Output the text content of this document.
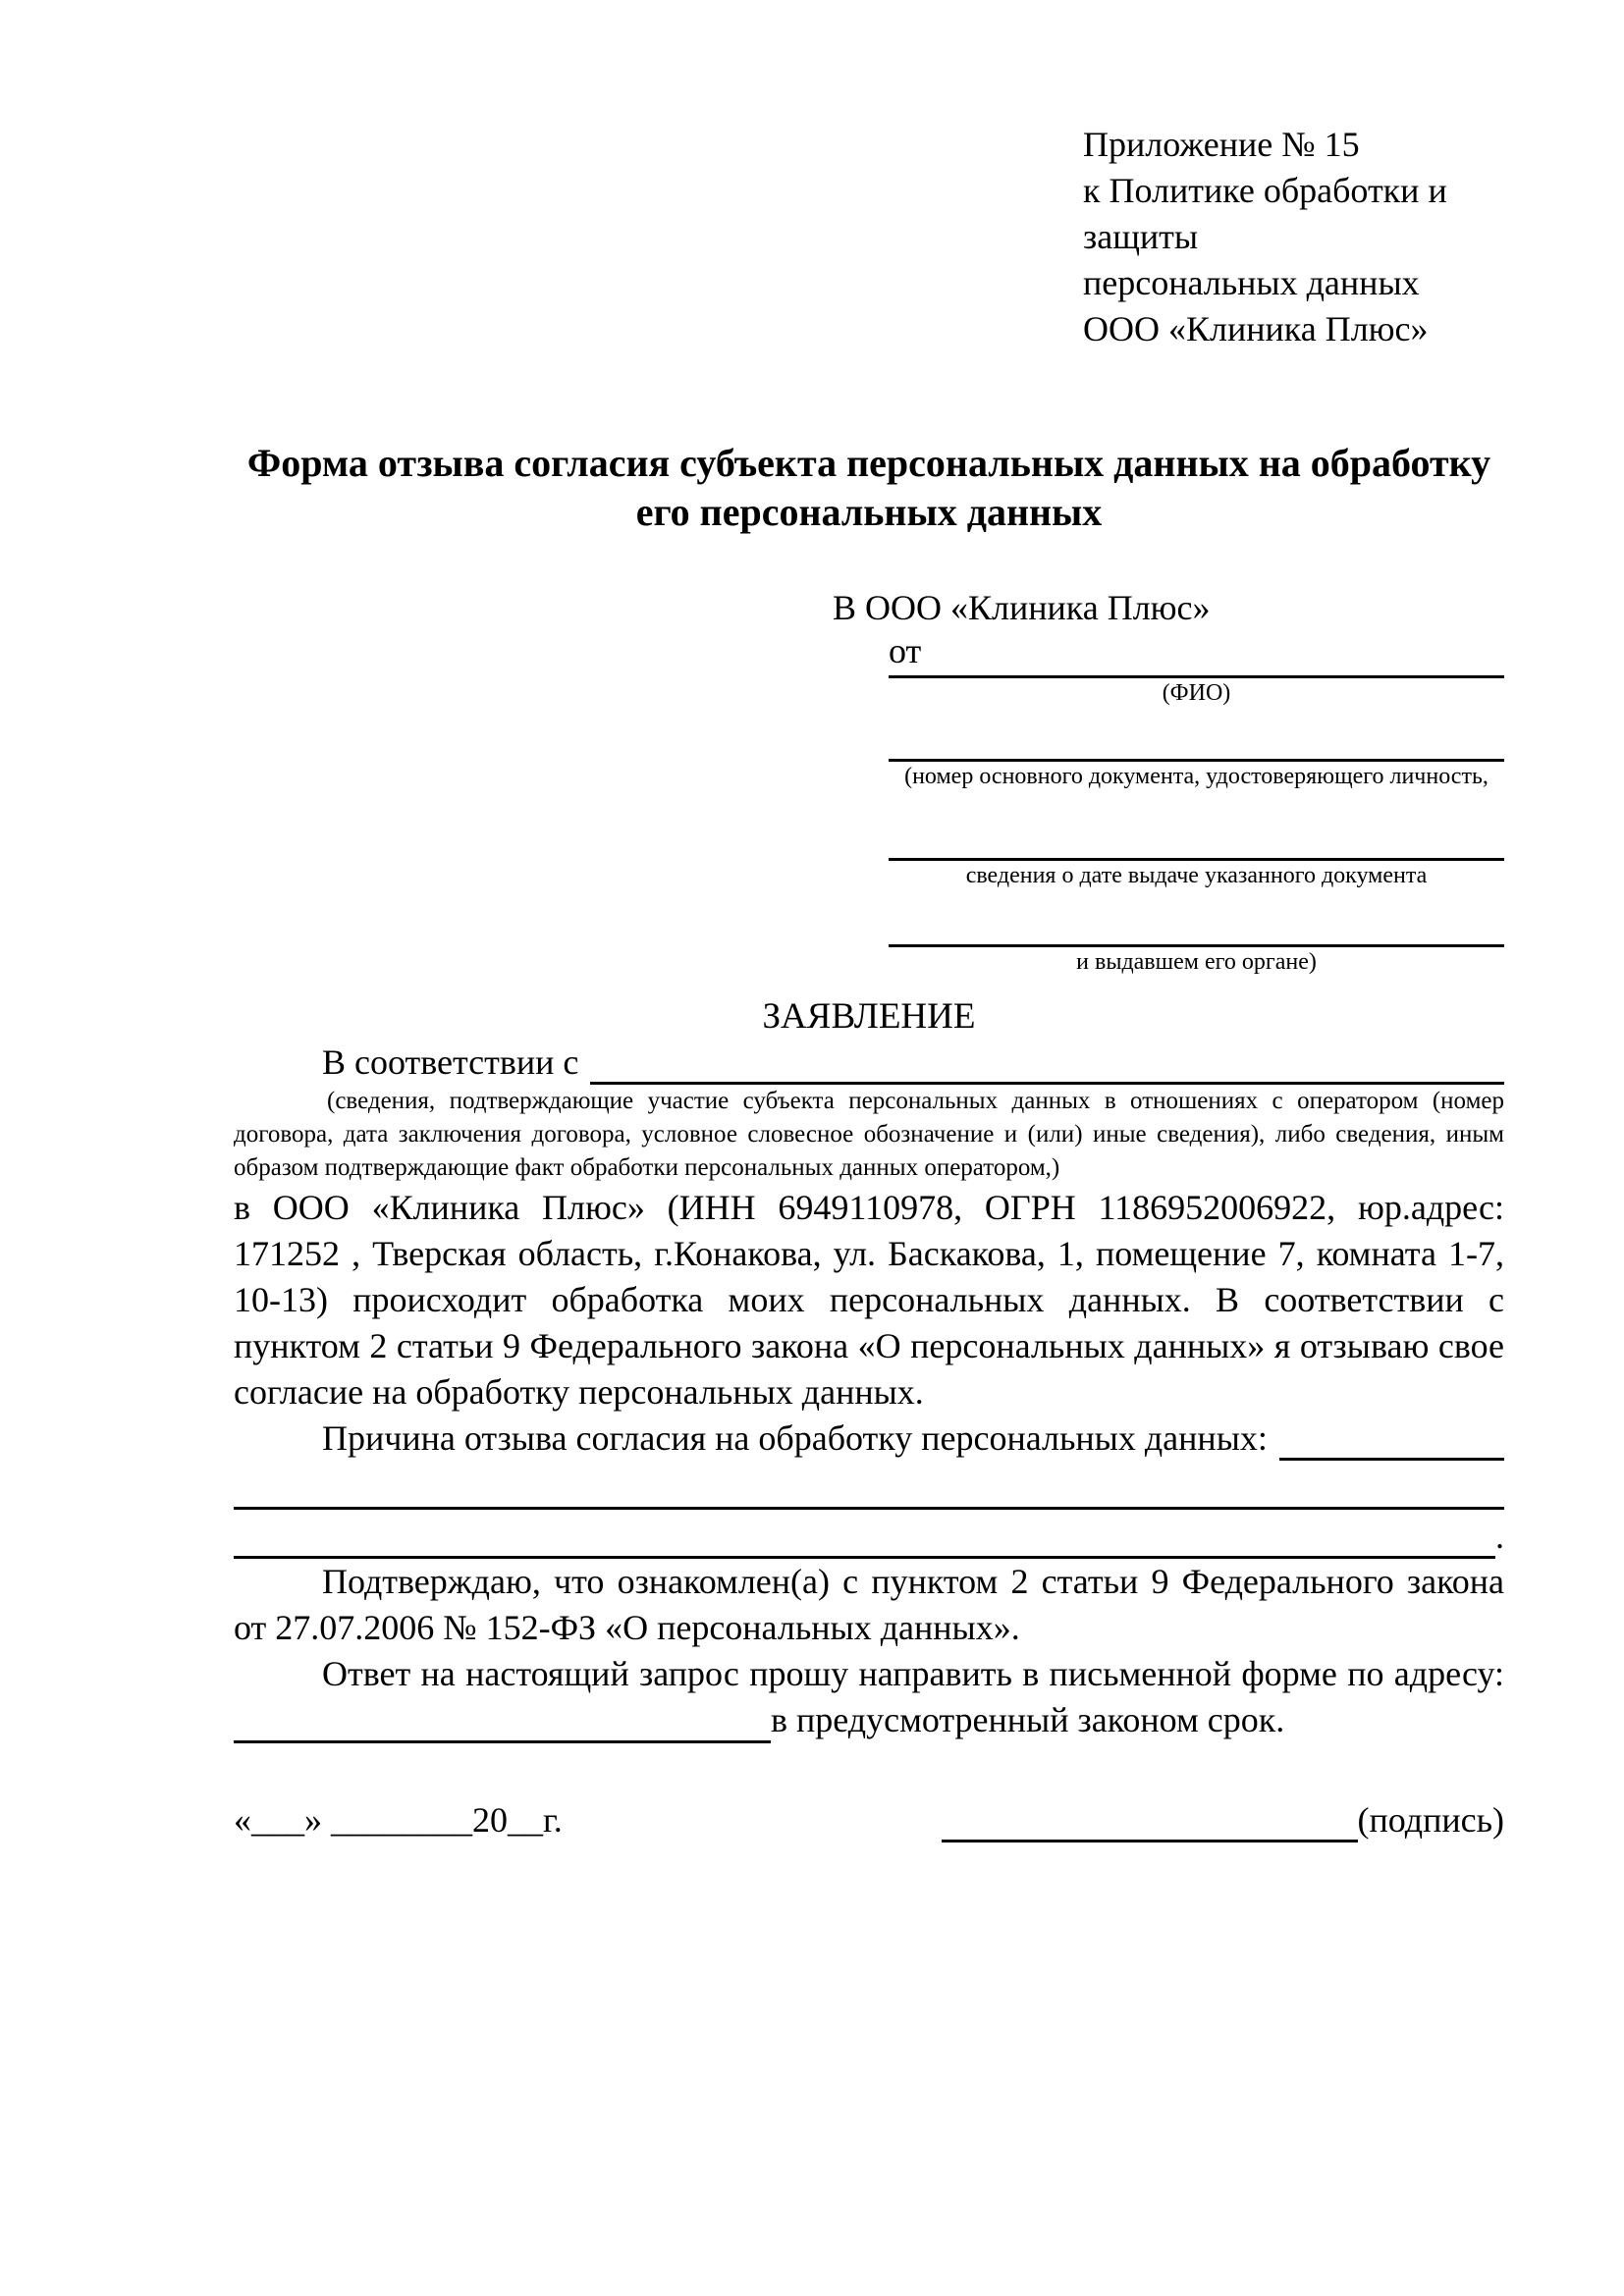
Приложение № 15
к Политике обработки и защиты
персональных данных
ООО «Клиника Плюс»
Форма отзыва согласия субъекта персональных данных на обработку его персональных данных
В ООО «Клиника Плюс»
от
(ФИО)
(номер основного документа, удостоверяющего личность,
сведения о дате выдаче указанного документа
и выдавшем его органе)
ЗАЯВЛЕНИЕ
В соответствии с
(сведения, подтверждающие участие субъекта персональных данных в отношениях с оператором (номер договора, дата заключения договора, условное словесное обозначение и (или) иные сведения), либо сведения, иным образом подтверждающие факт обработки персональных данных оператором,)
в ООО «Клиника Плюс» (ИНН 6949110978, ОГРН 1186952006922, юр.адрес: 171252 , Тверская область, г.Конакова, ул. Баскакова, 1, помещение 7, комната 1-7, 10-13) происходит обработка моих персональных данных. В соответствии с пунктом 2 статьи 9 Федерального закона «О персональных данных» я отзываю свое согласие на обработку персональных данных.
Причина отзыва согласия на обработку персональных данных:
.
Подтверждаю, что ознакомлен(а) с пунктом 2 статьи 9 Федерального закона от 27.07.2006 № 152-ФЗ «О персональных данных».
Ответ на настоящий запрос прошу направить в письменной форме по адресу:
в предусмотренный законом срок.
«___» ________20__г.	(подпись)
